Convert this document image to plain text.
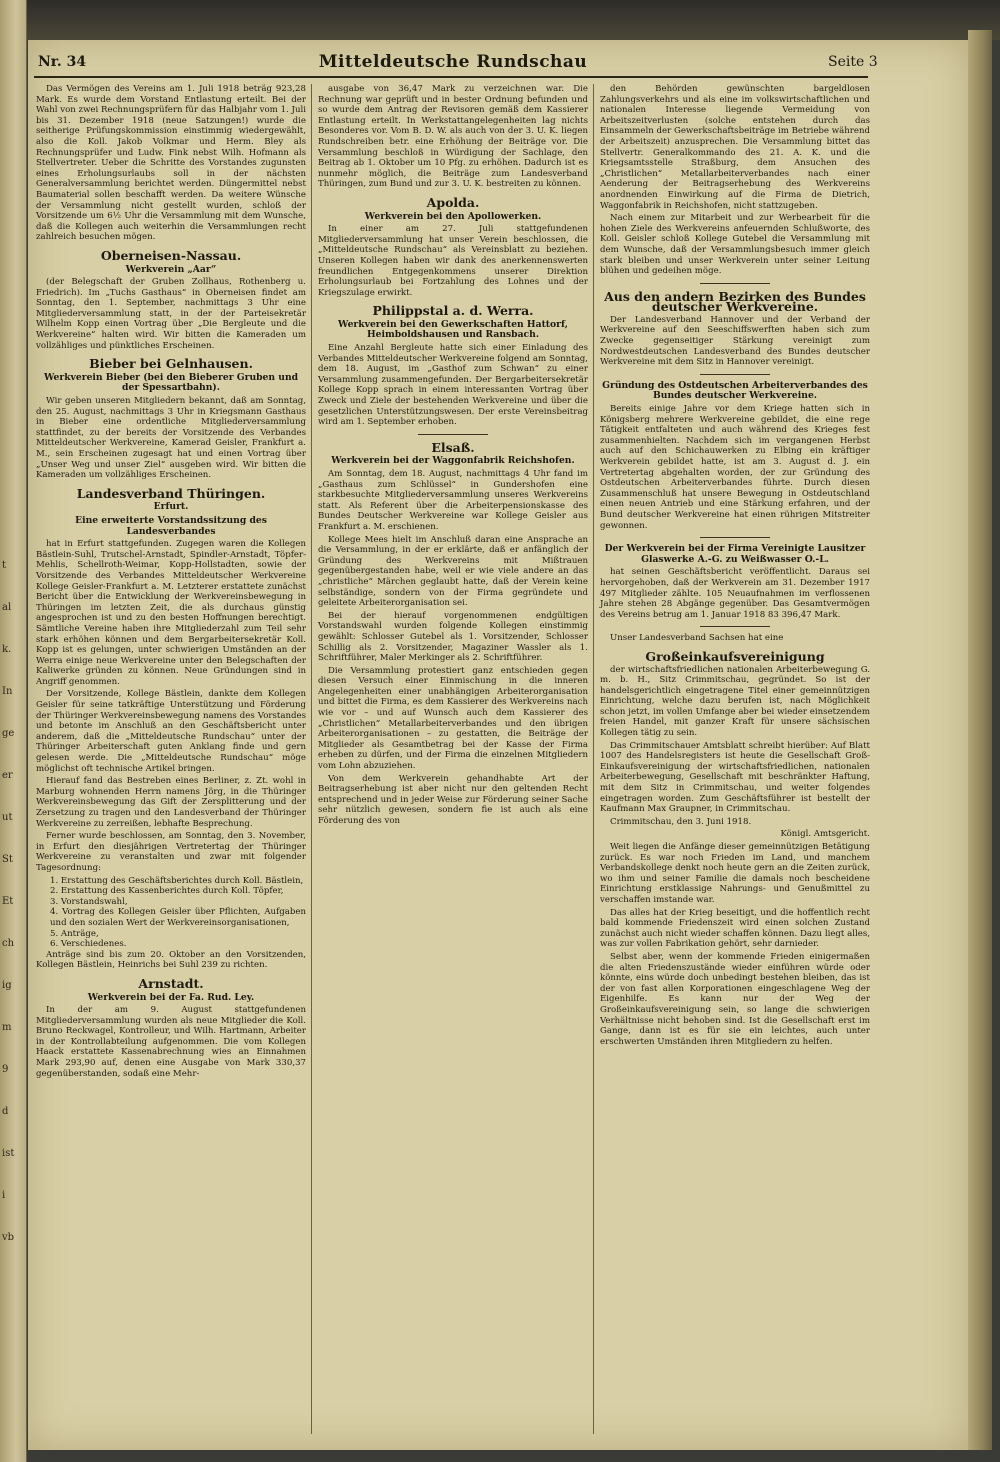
t
al
k.
In
ge
er
ut
St
Et
ch
ig
m
9
d
ist
i
vb
Mitteldeutsche Rundschau
Nr. 34	Seite 3

Das Vermögen des Vereins am 1. Juli 1918 beträg 923,28 Mark. Es wurde dem Vorstand Entlastung erteilt. Bei der Wahl von zwei Rechnungsprüfern für das Halbjahr vom 1. Juli bis 31. Dezember 1918 (neue Satzungen!) wurde die seitherige Prüfungskommission einstimmig wiedergewählt, also die Koll. Jakob Volkmar und Herm. Bley als Rechnungsprüfer und Ludw. Fink nebst Wilh. Hofmann als Stellvertreter. Ueber die Schritte des Vorstandes zugunsten eines Erholungsurlaubs soll in der nächsten Generalversammlung berichtet werden. Düngermittel nebst Baumaterial sollen beschafft werden. Da weitere Wünsche der Versammlung nicht gestellt wurden, schloß der Vorsitzende um 6½ Uhr die Versammlung mit dem Wunsche, daß die Kollegen auch weiterhin die Versammlungen recht zahlreich besuchen mögen.

Oberneisen-Nassau.
Werkverein „Aar“

(der Belegschaft der Gruben Zollhaus, Rothenberg u. Friedrich). Im „Tuchs Gasthaus“ in Oberneisen findet am Sonntag, den 1. September, nachmittags 3 Uhr eine Mitgliederversammlung statt, in der der Parteisekretär Wilhelm Kopp einen Vortrag über „Die Bergleute und die Werkvereine“ halten wird. Wir bitten die Kameraden um vollzähliges und pünktliches Erscheinen.

Bieber bei Gelnhausen.
Werkverein Bieber (bei den Bieberer Gruben und der Spessartbahn).

Wir geben unseren Mitgliedern bekannt, daß am Sonntag, den 25. August, nachmittags 3 Uhr in Kriegsmann Gasthaus in Bieber eine ordentliche Mitgliederversammlung stattfindet, zu der bereits der Vorsitzende des Verbandes Mitteldeutscher Werkvereine, Kamerad Geisler, Frankfurt a. M., sein Erscheinen zugesagt hat und einen Vortrag über „Unser Weg und unser Ziel“ ausgeben wird. Wir bitten die Kameraden um vollzähliges Erscheinen.

Landesverband Thüringen.
Erfurt.
Eine erweiterte Vorstandssitzung des Landesverbandes

hat in Erfurt stattgefunden. Zugegen waren die Kollegen Bästlein-Suhl, Trutschel-Arnstadt, Spindler-Arnstadt, Töpfer-Mehlis, Schellroth-Weimar, Kopp-Hollstadten, sowie der Vorsitzende des Verbandes Mitteldeutscher Werkvereine Kollege Geisler-Frankfurt a. M. Letzterer erstattete zunächst Bericht über die Entwicklung der Werkvereinsbewegung in Thüringen im letzten Zeit, die als durchaus günstig angesprochen ist und zu den besten Hoffnungen berechtigt. Sämtliche Vereine haben ihre Mitgliederzahl zum Teil sehr stark erhöhen können und dem Bergarbeitersekretär Koll. Kopp ist es gelungen, unter schwierigen Umständen an der Werra einige neue Werkvereine unter den Belegschaften der Kaliwerke gründen zu können. Neue Gründungen sind in Angriff genommen.

Der Vorsitzende, Kollege Bästlein, dankte dem Kollegen Geisler für seine tatkräftige Unterstützung und Förderung der Thüringer Werkvereinsbewegung namens des Vorstandes und betonte im Anschluß an den Geschäftsbericht unter anderem, daß die „Mitteldeutsche Rundschau“ unter der Thüringer Arbeiterschaft guten Anklang finde und gern gelesen werde. Die „Mitteldeutsche Rundschau“ möge möglichst oft technische Artikel bringen.

Hierauf fand das Bestreben eines Berliner, z. Zt. wohl in Marburg wohnenden Herrn namens Jörg, in die Thüringer Werkvereinsbewegung das Gift der Zersplitterung und der Zersetzung zu tragen und den Landesverband der Thüringer Werkvereine zu zerreißen, lebhafte Besprechung.

Ferner wurde beschlossen, am Sonntag, den 3. November, in Erfurt den diesjährigen Vertretertag der Thüringer Werkvereine zu veranstalten und zwar mit folgender Tagesordnung:

1. Erstattung des Geschäftsberichtes durch Koll. Bästlein,
2. Erstattung des Kassenberichtes durch Koll. Töpfer,
3. Vorstandswahl,
4. Vortrag des Kollegen Geisler über Pflichten, Aufgaben und den sozialen Wert der Werkvereinsorganisationen,
5. Anträge,
6. Verschiedenes.

Anträge sind bis zum 20. Oktober an den Vorsitzenden, Kollegen Bästlein, Heinrichs bei Suhl 239 zu richten.

Arnstadt.
Werkverein bei der Fa. Rud. Ley.

In der am 9. August stattgefundenen Mitgliederversammlung wurden als neue Mitglieder die Koll. Bruno Reckwagel, Kontrolleur, und Wilh. Hartmann, Arbeiter in der Kontrollabteilung aufgenommen. Die vom Kollegen Haack erstattete Kassenabrechnung wies an Einnahmen Mark 293,90 auf, denen eine Ausgabe von Mark 330,37 gegenüberstanden, sodaß eine Mehr-

ausgabe von 36,47 Mark zu verzeichnen war. Die Rechnung war geprüft und in bester Ordnung befunden und so wurde dem Antrag der Revisoren gemäß dem Kassierer Entlastung erteilt. In Werkstattangelegenheiten lag nichts Besonderes vor. Vom B. D. W. als auch von der 3. U. K. liegen Rundschreiben betr. eine Erhöhung der Beiträge vor. Die Versammlung beschloß in Würdigung der Sachlage, den Beitrag ab 1. Oktober um 10 Pfg. zu erhöhen. Dadurch ist es nunmehr möglich, die Beiträge zum Landesverband Thüringen, zum Bund und zur 3. U. K. bestreiten zu können.

Apolda.
Werkverein bei den Apollowerken.

In einer am 27. Juli stattgefundenen Mitgliederversammlung hat unser Verein beschlossen, die „Mitteldeutsche Rundschau“ als Vereinsblatt zu beziehen. Unseren Kollegen haben wir dank des anerkennenswerten freundlichen Entgegenkommens unserer Direktion Erholungsurlaub bei Fortzahlung des Lohnes und der Kriegszulage erwirkt.

Philippstal a. d. Werra.
Werkverein bei den Gewerkschaften Hattorf, Heimboldshausen und Ransbach.

Eine Anzahl Bergleute hatte sich einer Einladung des Verbandes Mitteldeutscher Werkvereine folgend am Sonntag, dem 18. August, im „Gasthof zum Schwan“ zu einer Versammlung zusammengefunden. Der Bergarbeitersekretär Kollege Kopp sprach in einem interessanten Vortrag über Zweck und Ziele der bestehenden Werkvereine und über die gesetzlichen Unterstützungswesen. Der erste Vereinsbeitrag wird am 1. September erhoben.

Elsaß.
Werkverein bei der Waggonfabrik Reichshofen.

Am Sonntag, dem 18. August, nachmittags 4 Uhr fand im „Gasthaus zum Schlüssel“ in Gundershofen eine starkbesuchte Mitgliederversammlung unseres Werkvereins statt. Als Referent über die Arbeiterpensionskasse des Bundes Deutscher Werkvereine war Kollege Geisler aus Frankfurt a. M. erschienen.

Kollege Mees hielt im Anschluß daran eine Ansprache an die Versammlung, in der er erklärte, daß er anfänglich der Gründung des Werkvereins mit Mißtrauen gegenübergestanden habe, weil er wie viele andere an das „christliche“ Märchen geglaubt hatte, daß der Verein keine selbständige, sondern von der Firma gegründete und geleitete Arbeiterorganisation sei.

Bei der hierauf vorgenommenen endgültigen Vorstandswahl wurden folgende Kollegen einstimmig gewählt: Schlosser Gutebel als 1. Vorsitzender, Schlosser Schillig als 2. Vorsitzender, Magaziner Wassler als 1. Schriftführer, Maler Merkinger als 2. Schriftführer.

Die Versammlung protestiert ganz entschieden gegen diesen Versuch einer Einmischung in die inneren Angelegenheiten einer unabhängigen Arbeiterorganisation und bittet die Firma, es dem Kassierer des Werkvereins nach wie vor – und auf Wunsch auch dem Kassierer des „Christlichen“ Metallarbeiterverbandes und den übrigen Arbeiterorganisationen – zu gestatten, die Beiträge der Mitglieder als Gesamtbetrag bei der Kasse der Firma erheben zu dürfen, und der Firma die einzelnen Mitgliedern vom Lohn abzuziehen.

Von dem Werkverein gehandhabte Art der Beitragserhebung ist aber nicht nur den geltenden Recht entsprechend und in jeder Weise zur Förderung seiner Sache sehr nützlich gewesen, sondern fie ist auch als eine Förderung des von

den Behörden gewünschten bargeldlosen Zahlungsverkehrs und als eine im volkswirtschaftlichen und nationalen Interesse liegende Vermeidung von Arbeitszeitverlusten (solche entstehen durch das Einsammeln der Gewerkschaftsbeiträge im Betriebe während der Arbeitszeit) anzusprechen. Die Versammlung bittet das Stellvertr. Generalkommando des 21. A. K. und die Kriegsamtsstelle Straßburg, dem Ansuchen des „Christlichen“ Metallarbeiterverbandes nach einer Aenderung der Beitragserhebung des Werkvereins anordnenden Einwirkung auf die Firma de Dietrich, Waggonfabrik in Reichshofen, nicht stattzugeben.

Nach einem zur Mitarbeit und zur Werbearbeit für die hohen Ziele des Werkvereins anfeuernden Schlußworte, des Koll. Geisler schloß Kollege Gutebel die Versammlung mit dem Wunsche, daß der Versammlungsbesuch immer gleich stark bleiben und unser Werkverein unter seiner Leitung blühen und gedeihen möge.

Aus den andern Bezirken des Bundes deutscher Werkvereine.

Der Landesverband Hannover und der Verband der Werkvereine auf den Seeschiffswerften haben sich zum Zwecke gegenseitiger Stärkung vereinigt zum Nordwestdeutschen Landesverband des Bundes deutscher Werkvereine mit dem Sitz in Hannover vereinigt.

Gründung des Ostdeutschen Arbeiterverbandes des Bundes deutscher Werkvereine.

Bereits einige Jahre vor dem Kriege hatten sich in Königsberg mehrere Werkvereine gebildet, die eine rege Tätigkeit entfalteten und auch während des Krieges fest zusammenhielten. Nachdem sich im vergangenen Herbst auch auf den Schichauwerken zu Elbing ein kräftiger Werkverein gebildet hatte, ist am 3. August d. J. ein Vertretertag abgehalten worden, der zur Gründung des Ostdeutschen Arbeiterverbandes führte. Durch diesen Zusammenschluß hat unsere Bewegung in Ostdeutschland einen neuen Antrieb und eine Stärkung erfahren, und der Bund deutscher Werkvereine hat einen rührigen Mitstreiter gewonnen.

Der Werkverein bei der Firma Vereinigte Lausitzer Glaswerke A.-G. zu Weißwasser O.-L.

hat seinen Geschäftsbericht veröffentlicht. Daraus sei hervorgehoben, daß der Werkverein am 31. Dezember 1917 497 Mitglieder zählte. 105 Neuaufnahmen im verflossenen Jahre stehen 28 Abgänge gegenüber. Das Gesamtvermögen des Vereins betrug am 1. Januar 1918 83 396,47 Mark.

Unser Landesverband Sachsen hat eine

Großeinkaufsvereinigung

der wirtschaftsfriedlichen nationalen Arbeiterbewegung G. m. b. H., Sitz Crimmitschau, gegründet. So ist der handelsgerichtlich eingetragene Titel einer gemeinnützigen Einrichtung, welche dazu berufen ist, nach Möglichkeit schon jetzt, im vollen Umfange aber bei wieder einsetzendem freien Handel, mit ganzer Kraft für unsere sächsischen Kollegen tätig zu sein.

Das Crimmitschauer Amtsblatt schreibt hierüber: Auf Blatt 1007 des Handelsregisters ist heute die Gesellschaft Groß-Einkaufsvereinigung der wirtschaftsfriedlichen, nationalen Arbeiterbewegung, Gesellschaft mit beschränkter Haftung, mit dem Sitz in Crimmitschau, und weiter folgendes eingetragen worden. Zum Geschäftsführer ist bestellt der Kaufmann Max Graupner, in Crimmitschau.

Crimmitschau, den 3. Juni 1918.

Königl. Amtsgericht.

Weit liegen die Anfänge dieser gemeinnützigen Betätigung zurück. Es war noch Frieden im Land, und manchem Verbandskollege denkt noch heute gern an die Zeiten zurück, wo ihm und seiner Familie die damals noch bescheidene Einrichtung erstklassige Nahrungs- und Genußmittel zu verschaffen imstande war.

Das alles hat der Krieg beseitigt, und die hoffentlich recht bald kommende Friedenszeit wird einen solchen Zustand zunächst auch nicht wieder schaffen können. Dazu liegt alles, was zur vollen Fabrikation gehört, sehr darnieder.

Selbst aber, wenn der kommende Frieden einigermaßen die alten Friedenszustände wieder einführen würde oder könnte, eins würde doch unbedingt bestehen bleiben, das ist der von fast allen Korporationen eingeschlagene Weg der Eigenhilfe. Es kann nur der Weg der Großeinkaufsvereinigung sein, so lange die schwierigen Verhältnisse nicht behoben sind. Ist die Gesellschaft erst im Gange, dann ist es für sie ein leichtes, auch unter erschwerten Umständen ihren Mitgliedern zu helfen.
